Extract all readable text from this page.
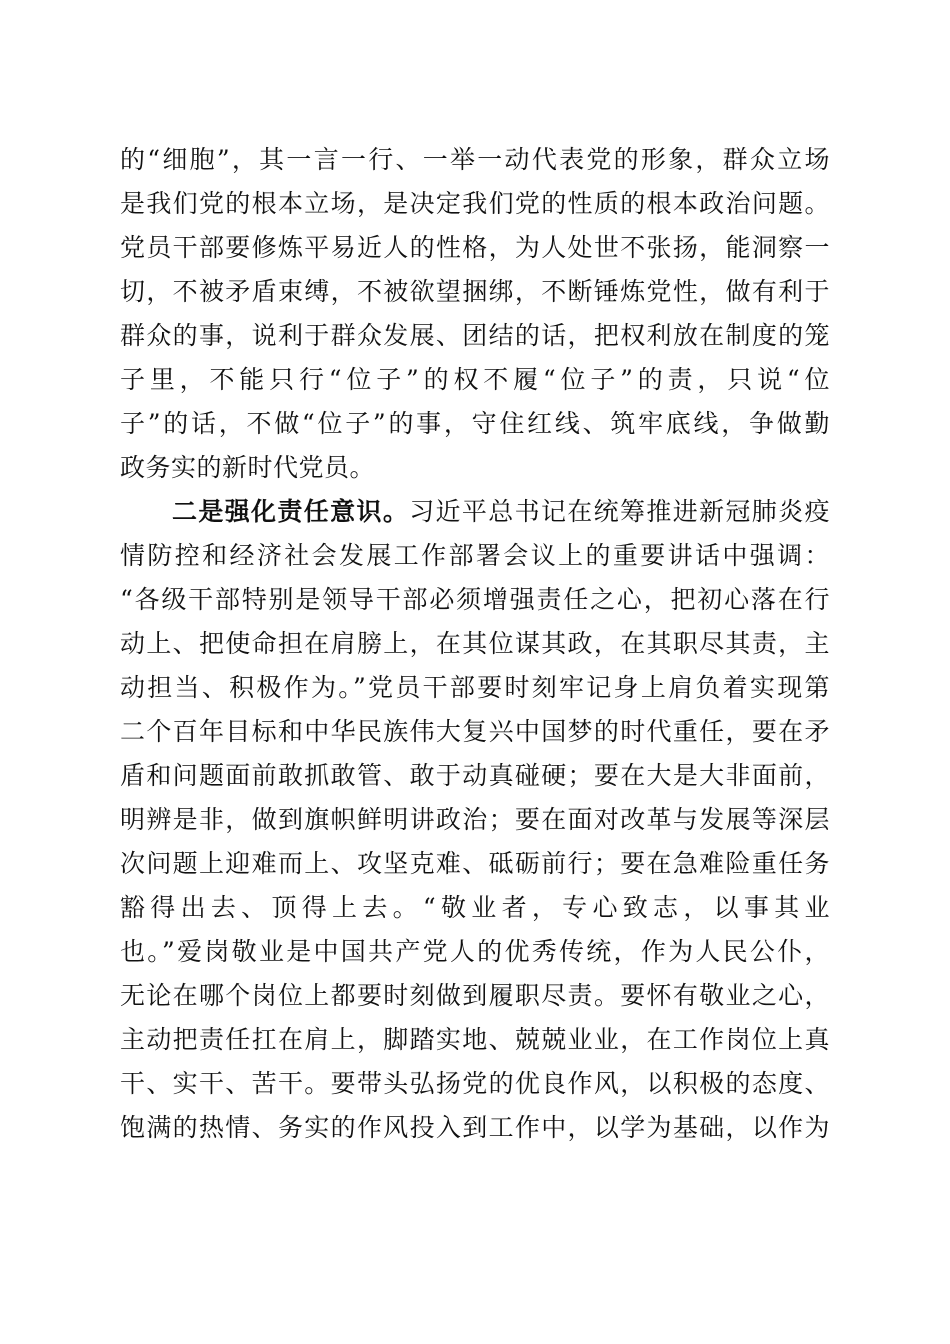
的“细胞”，其一言一行、一举一动代表党的形象，群众立场
是我们党的根本立场，是决定我们党的性质的根本政治问题。
党员干部要修炼平易近人的性格，为人处世不张扬，能洞察一
切，不被矛盾束缚，不被欲望捆绑，不断锤炼党性，做有利于
群众的事，说利于群众发展、团结的话，把权利放在制度的笼
子里，不能只行“位子”的权不履“位子”的责，只说“位
子”的话，不做“位子”的事，守住红线、筑牢底线，争做勤
政务实的新时代党员。
二是强化责任意识。习近平总书记在统筹推进新冠肺炎疫
情防控和经济社会发展工作部署会议上的重要讲话中强调：
“各级干部特别是领导干部必须增强责任之心，把初心落在行
动上、把使命担在肩膀上，在其位谋其政，在其职尽其责，主
动担当、积极作为。”党员干部要时刻牢记身上肩负着实现第
二个百年目标和中华民族伟大复兴中国梦的时代重任，要在矛
盾和问题面前敢抓敢管、敢于动真碰硬；要在大是大非面前，
明辨是非，做到旗帜鲜明讲政治；要在面对改革与发展等深层
次问题上迎难而上、攻坚克难、砥砺前行；要在急难险重任务
豁得出去、顶得上去。“敬业者，专心致志，以事其业
也。”爱岗敬业是中国共产党人的优秀传统，作为人民公仆，
无论在哪个岗位上都要时刻做到履职尽责。要怀有敬业之心，
主动把责任扛在肩上，脚踏实地、兢兢业业，在工作岗位上真
干、实干、苦干。要带头弘扬党的优良作风，以积极的态度、
饱满的热情、务实的作风投入到工作中，以学为基础，以作为
